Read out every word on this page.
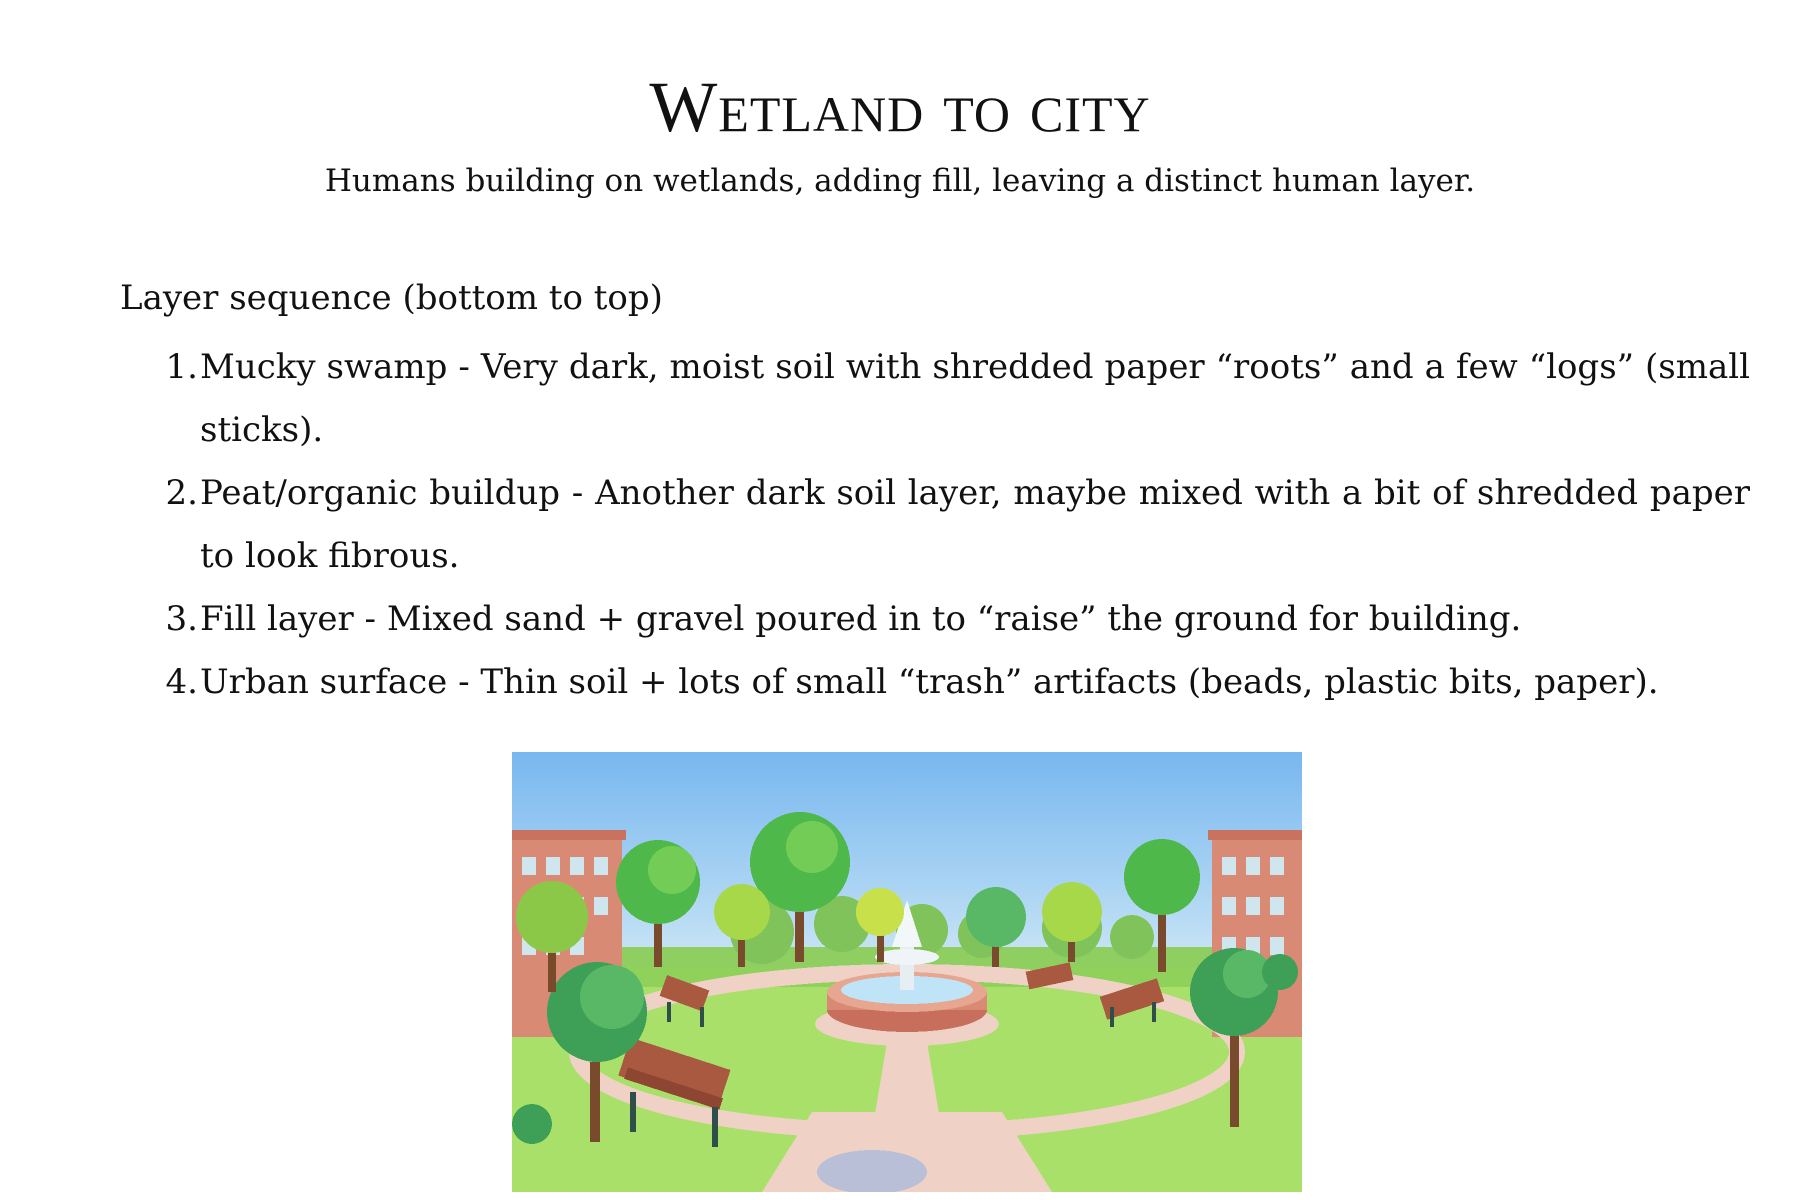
Wetland to city

Humans building on wetlands, adding fill, leaving a distinct human layer.

Layer sequence (bottom to top)

1. Mucky swamp - Very dark, moist soil with shredded paper “roots” and a few “logs” (small sticks).
2. Peat/organic buildup - Another dark soil layer, maybe mixed with a bit of shredded paper to look fibrous.
3. Fill layer - Mixed sand + gravel poured in to “raise” the ground for building.
4. Urban surface - Thin soil + lots of small “trash” artifacts (beads, plastic bits, paper).
